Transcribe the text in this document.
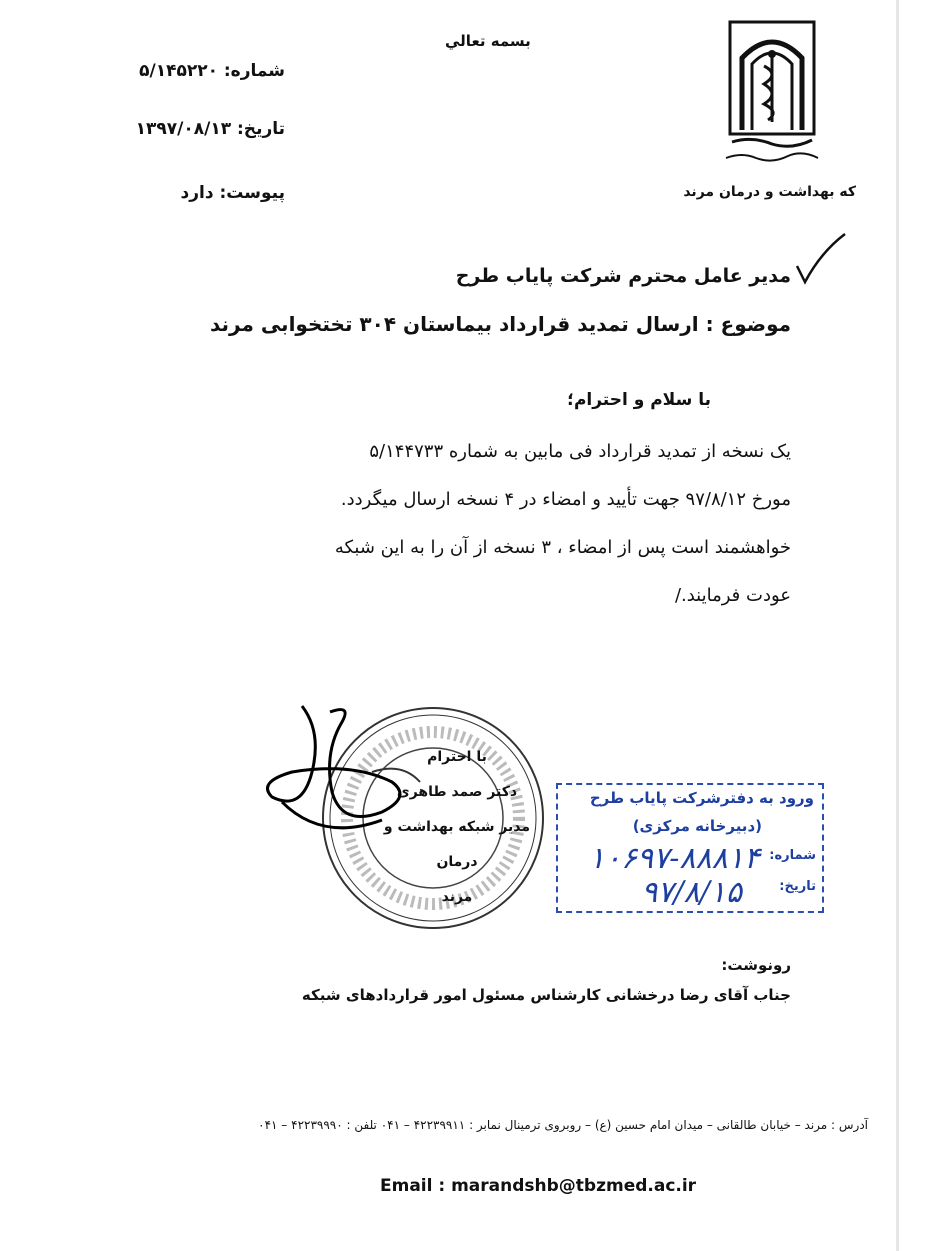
که بهداشت و درمان مرند
بسمه تعالي
شماره: ۵/۱۴۵۲۲۰
تاریخ: ۱۳۹۷/۰۸/۱۳
پیوست: دارد
مدیر عامل محترم شرکت پایاب طرح
موضوع : ارسال تمدید قرارداد بیماستان ۳۰۴ تختخوابی مرند
با سلام و احترام؛

یک نسخه از تمدید قرارداد فی مابین به شماره ۵/۱۴۴۷۳۳

مورخ ۹۷/۸/۱۲ جهت تأیید و امضاء در ۴ نسخه ارسال میگردد.

خواهشمند است پس از امضاء ، ۳ نسخه از آن را به این شبکه

عودت فرمایند./

با احترام
دکتر صمد طاهری
مدیر شبکه بهداشت و درمان
مرند
ورود به دفترشرکت پایاب طرح
(دبیرخانه مرکزی)
شماره:
۱۰۶۹۷-۸۸۸۱۴
تاریخ:
۹۷/۸/۱۵
رونوشت:
جناب آقای رضا درخشانی کارشناس مسئول امور قراردادهای شبکه
آدرس : مرند – خیابان طالقانی – میدان امام حسین (ع) – روبروی ترمینال نمابر : ۴۲۲۳۹۹۱۱ – ۰۴۱ تلفن : ۴۲۲۳۹۹۹۰ – ۰۴۱
Email : marandshb@tbzmed.ac.ir
